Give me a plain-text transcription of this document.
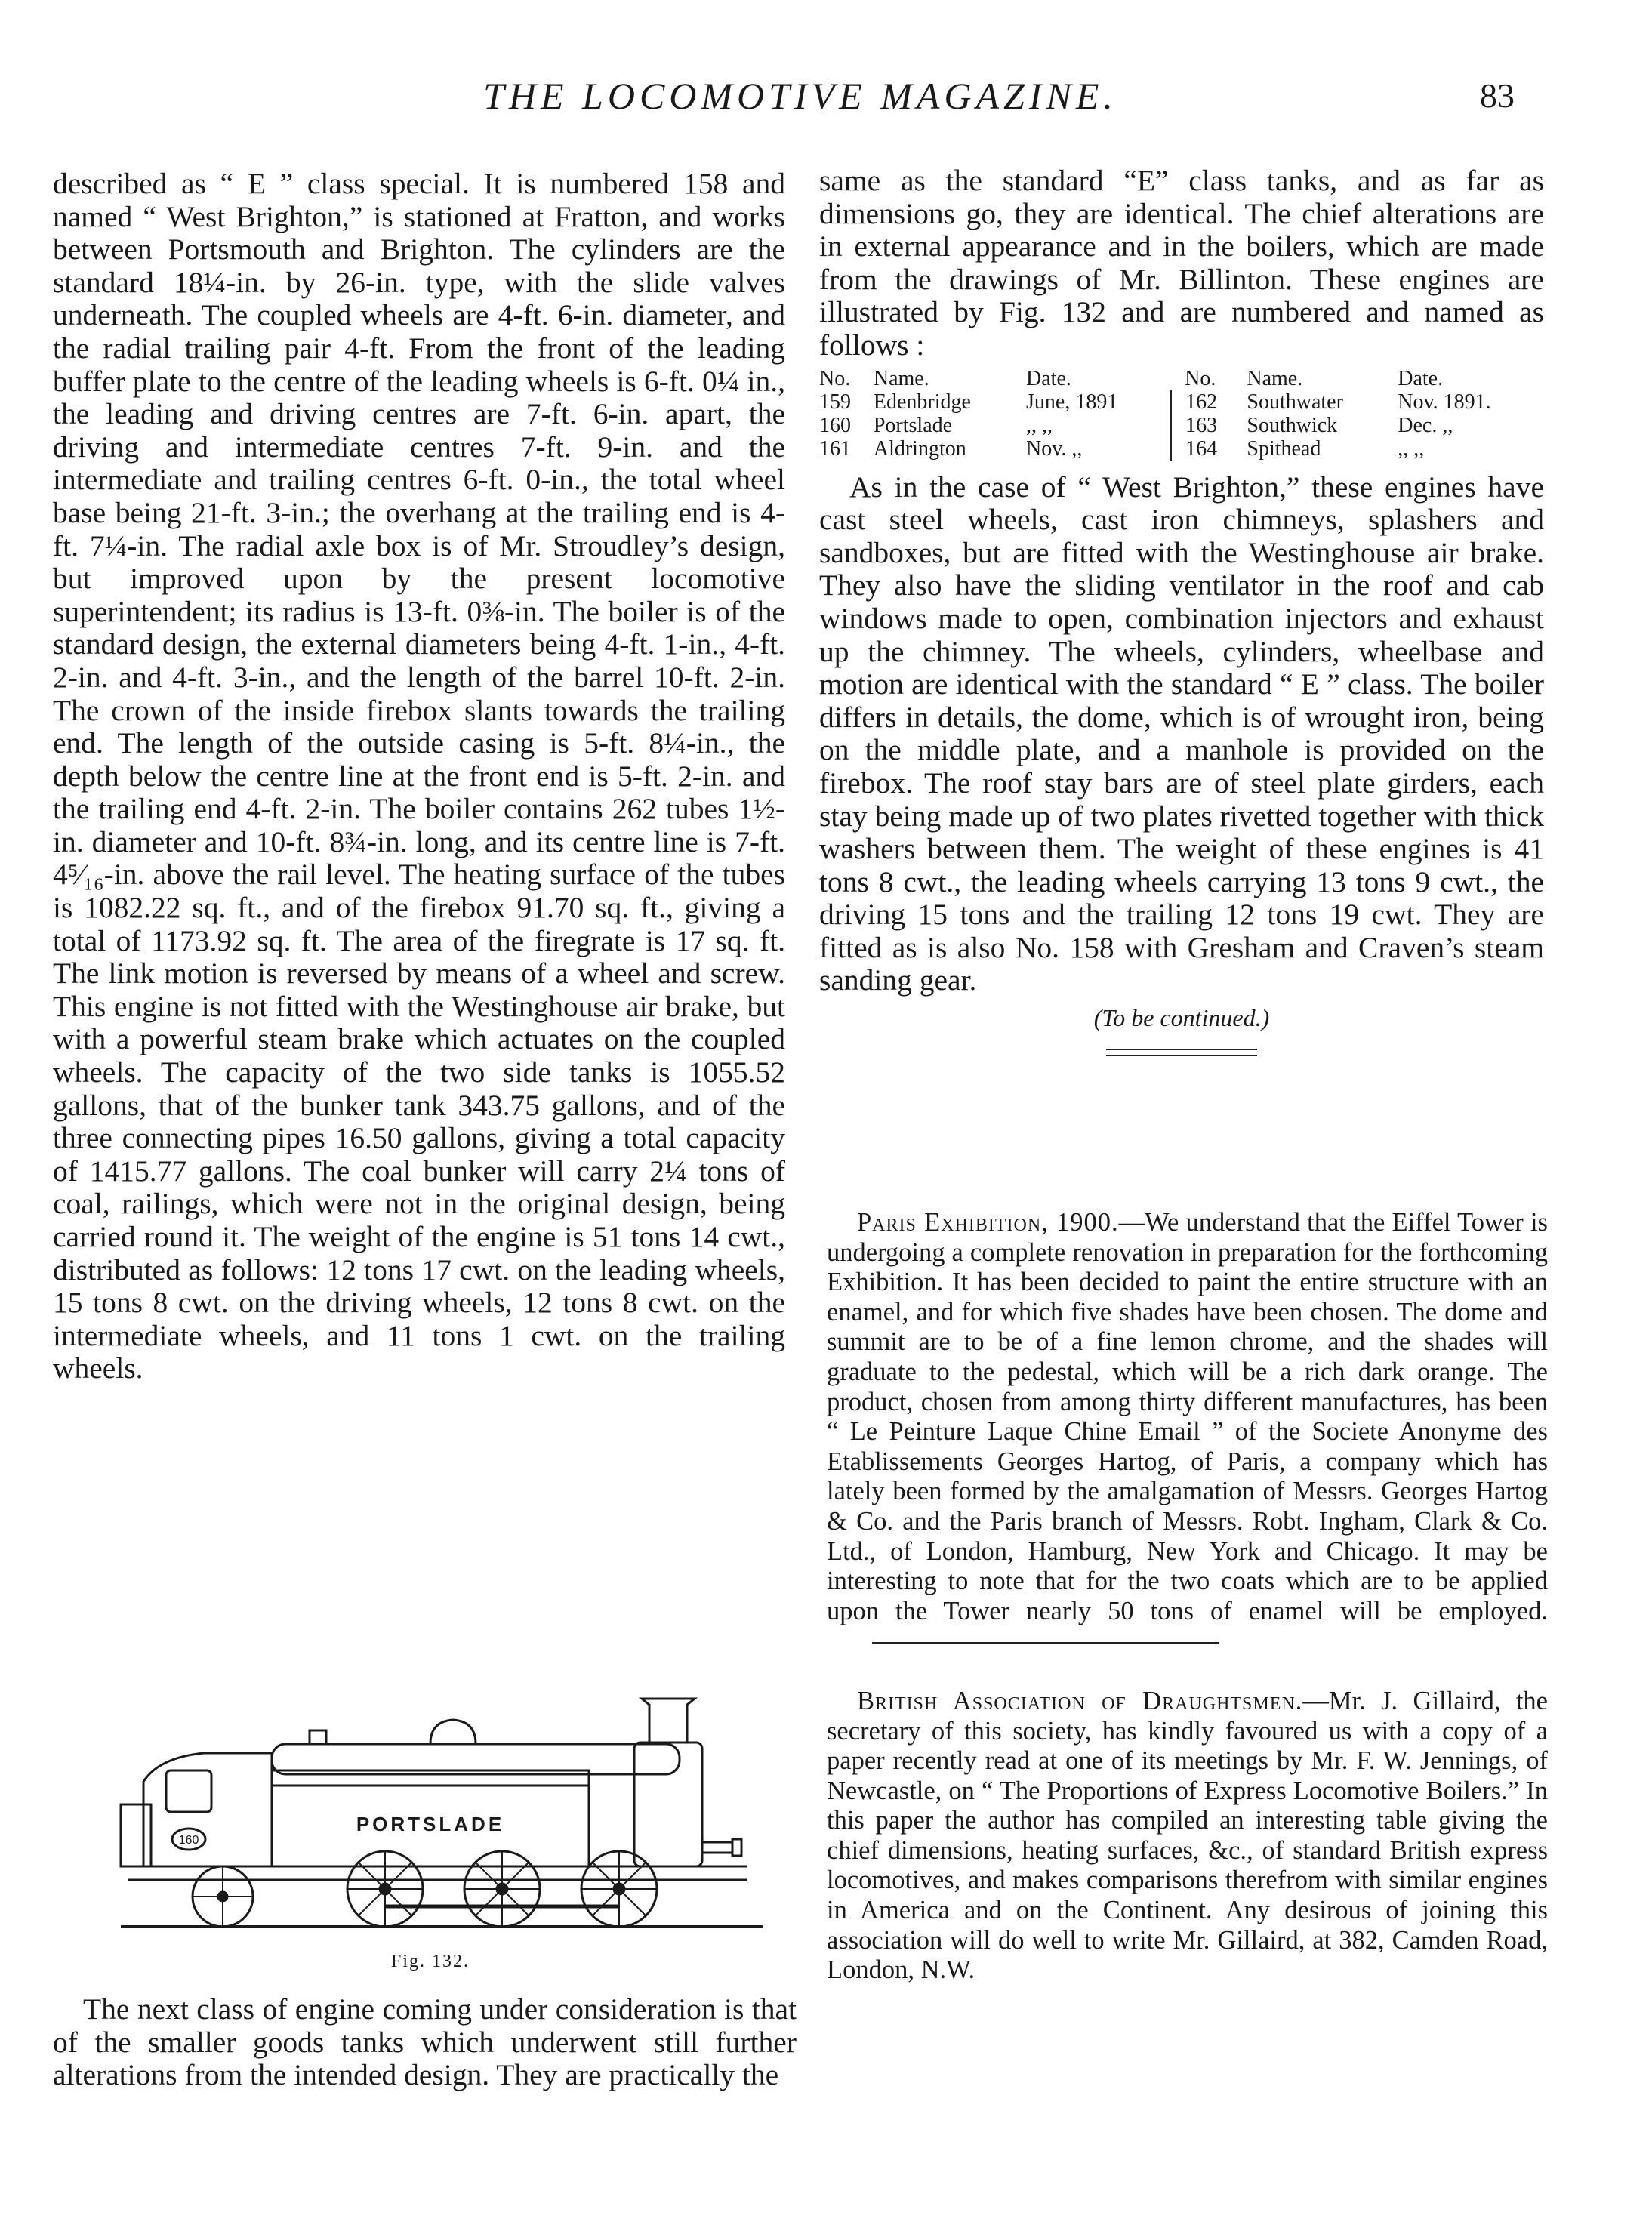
THE LOCOMOTIVE MAGAZINE.	83

described as “ E ” class special. It is numbered 158 and named “ West Brighton,” is stationed at Fratton, and works between Portsmouth and Brighton. The cylinders are the standard 18¼-in. by 26-in. type, with the slide valves underneath. The coupled wheels are 4-ft. 6-in. diameter, and the radial trailing pair 4-ft. From the front of the leading buffer plate to the centre of the leading wheels is 6-ft. 0¼ in., the leading and driving centres are 7-ft. 6-in. apart, the driving and intermediate centres 7-ft. 9-in. and the intermediate and trailing centres 6-ft. 0-in., the total wheel base being 21-ft. 3-in.; the overhang at the trailing end is 4-ft. 7¼-in. The radial axle box is of Mr. Stroudley’s design, but improved upon by the present locomotive superintendent; its radius is 13-ft. 0⅜-in. The boiler is of the standard design, the external diameters being 4-ft. 1-in., 4-ft. 2-in. and 4-ft. 3-in., and the length of the barrel 10-ft. 2-in. The crown of the inside firebox slants towards the trailing end. The length of the outside casing is 5-ft. 8¼-in., the depth below the centre line at the front end is 5-ft. 2-in. and the trailing end 4-ft. 2-in. The boiler contains 262 tubes 1½-in. diameter and 10-ft. 8¾-in. long, and its centre line is 7-ft. 4⁵⁄₁₆-in. above the rail level. The heating surface of the tubes is 1082.22 sq. ft., and of the firebox 91.70 sq. ft., giving a total of 1173.92 sq. ft. The area of the firegrate is 17 sq. ft. The link motion is reversed by means of a wheel and screw. This engine is not fitted with the Westinghouse air brake, but with a powerful steam brake which actuates on the coupled wheels. The capacity of the two side tanks is 1055.52 gallons, that of the bunker tank 343.75 gallons, and of the three connecting pipes 16.50 gallons, giving a total capacity of 1415.77 gallons. The coal bunker will carry 2¼ tons of coal, railings, which were not in the original design, being carried round it. The weight of the engine is 51 tons 14 cwt., distributed as follows: 12 tons 17 cwt. on the leading wheels, 15 tons 8 cwt. on the driving wheels, 12 tons 8 cwt. on the intermediate wheels, and 11 tons 1 cwt. on the trailing wheels.

160
PORTSLADE
Fig. 132.

The next class of engine coming under consideration is that of the smaller goods tanks which underwent still further alterations from the intended design. They are practically the

same as the standard “E” class tanks, and as far as dimensions go, they are identical. The chief alterations are in external appearance and in the boilers, which are made from the drawings of Mr. Billinton. These engines are illustrated by Fig. 132 and are numbered and named as follows :

No.	Name.	Date.	No.	Name.	Date.
159	Edenbridge	June, 1891	162	Southwater	Nov. 1891.
160	Portslade	,, ,,	163	Southwick	Dec. ,,
161	Aldrington	Nov. ,,	164	Spithead	,, ,,

As in the case of “ West Brighton,” these engines have cast steel wheels, cast iron chimneys, splashers and sandboxes, but are fitted with the Westinghouse air brake. They also have the sliding ventilator in the roof and cab windows made to open, combination injectors and exhaust up the chimney. The wheels, cylinders, wheelbase and motion are identical with the standard “ E ” class. The boiler differs in details, the dome, which is of wrought iron, being on the middle plate, and a manhole is provided on the firebox. The roof stay bars are of steel plate girders, each stay being made up of two plates rivetted together with thick washers between them. The weight of these engines is 41 tons 8 cwt., the leading wheels carrying 13 tons 9 cwt., the driving 15 tons and the trailing 12 tons 19 cwt. They are fitted as is also No. 158 with Gresham and Craven’s steam sanding gear.

(To be continued.)

Paris Exhibition, 1900.—We understand that the Eiffel Tower is undergoing a complete renovation in preparation for the forthcoming Exhibition. It has been decided to paint the entire structure with an enamel, and for which five shades have been chosen. The dome and summit are to be of a fine lemon chrome, and the shades will graduate to the pedestal, which will be a rich dark orange. The product, chosen from among thirty different manufactures, has been “ Le Peinture Laque Chine Email ” of the Societe Anonyme des Etablissements Georges Hartog, of Paris, a company which has lately been formed by the amalgamation of Messrs. Georges Hartog & Co. and the Paris branch of Messrs. Robt. Ingham, Clark & Co. Ltd., of London, Hamburg, New York and Chicago. It may be interesting to note that for the two coats which are to be applied upon the Tower nearly 50 tons of enamel will be employed.

British Association of Draughtsmen.—Mr. J. Gillaird, the secretary of this society, has kindly favoured us with a copy of a paper recently read at one of its meetings by Mr. F. W. Jennings, of Newcastle, on “ The Proportions of Express Locomotive Boilers.” In this paper the author has compiled an interesting table giving the chief dimensions, heating surfaces, &c., of standard British express locomotives, and makes comparisons therefrom with similar engines in America and on the Continent. Any desirous of joining this association will do well to write Mr. Gillaird, at 382, Camden Road, London, N.W.
